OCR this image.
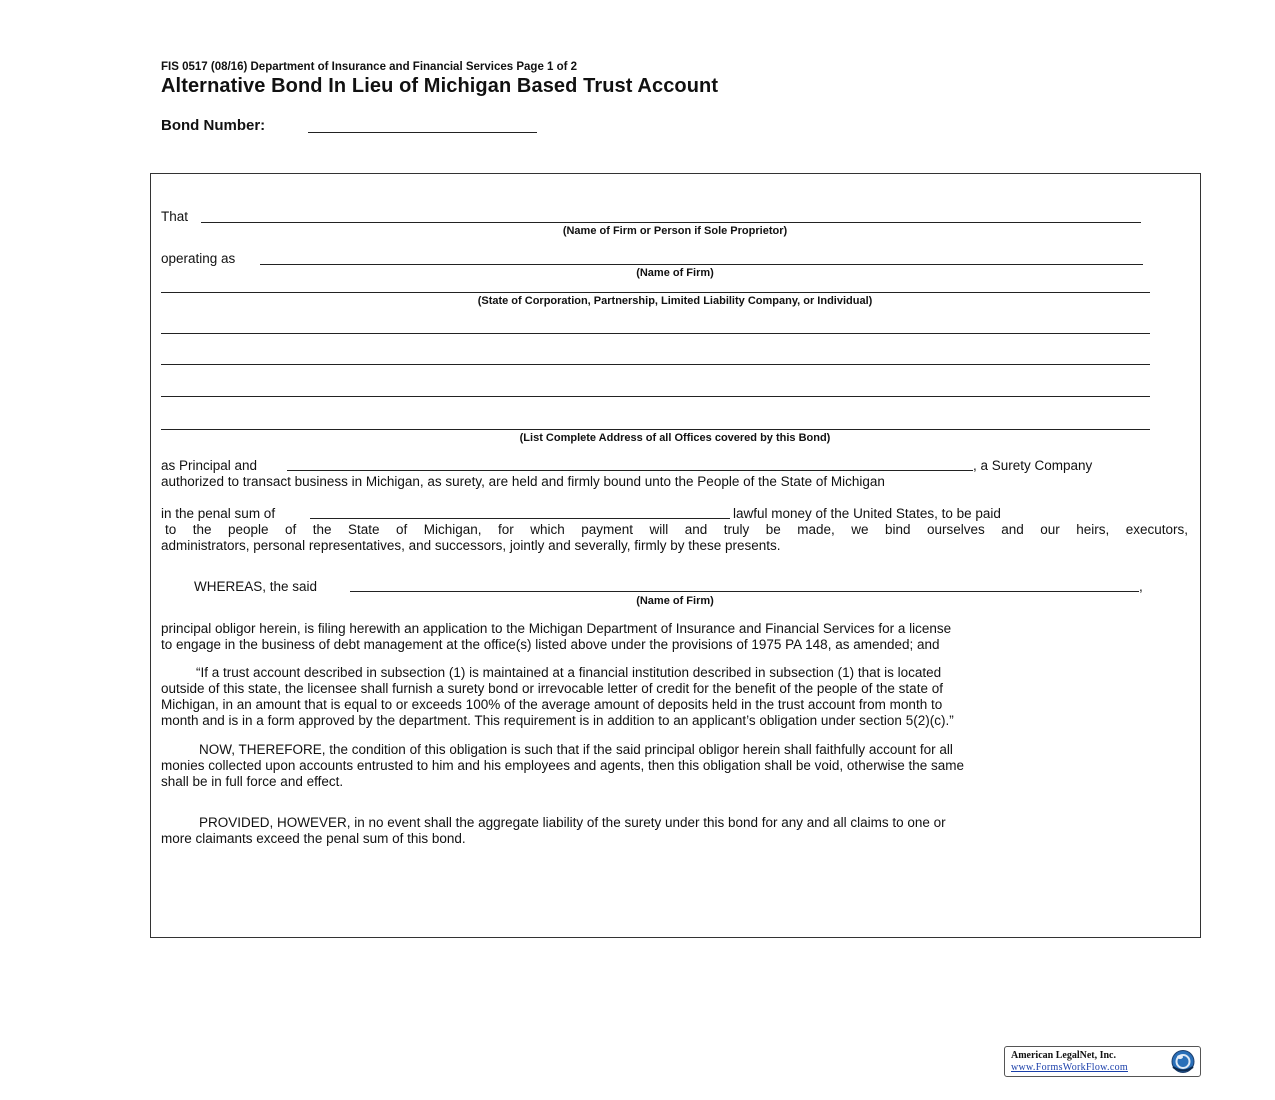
FIS 0517 (08/16) Department of Insurance and Financial Services Page 1 of 2
Alternative Bond In Lieu of Michigan Based Trust Account
Bond Number:
That
(Name of Firm or Person if Sole Proprietor)
operating as
(Name of Firm)
(State of Corporation, Partnership, Limited Liability Company, or Individual)
(List Complete Address of all Offices covered by this Bond)
as Principal and	, a Surety Company
authorized to transact business in Michigan, as surety, are held and firmly bound unto the People of the State of Michigan
in the penal sum of	lawful money of the United States, to be paid
to the people of the State of Michigan, for which payment will and truly be made, we bind ourselves and our heirs, executors,
administrators, personal representatives, and successors, jointly and severally, firmly by these presents.
WHEREAS, the said	,
(Name of Firm)
principal obligor herein, is filing herewith an application to the Michigan Department of Insurance and Financial Services for a license
to engage in the business of debt management at the office(s) listed above under the provisions of 1975 PA 148, as amended; and
“If a trust account described in subsection (1) is maintained at a financial institution described in subsection (1) that is located
outside of this state, the licensee shall furnish a surety bond or irrevocable letter of credit for the benefit of the people of the state of
Michigan, in an amount that is equal to or exceeds 100% of the average amount of deposits held in the trust account from month to
month and is in a form approved by the department. This requirement is in addition to an applicant’s obligation under section 5(2)(c).”
NOW, THEREFORE, the condition of this obligation is such that if the said principal obligor herein shall faithfully account for all
monies collected upon accounts entrusted to him and his employees and agents, then this obligation shall be void, otherwise the same
shall be in full force and effect.
PROVIDED, HOWEVER, in no event shall the aggregate liability of the surety under this bond for any and all claims to one or
more claimants exceed the penal sum of this bond.
American LegalNet, Inc.
www.FormsWorkFlow.com
